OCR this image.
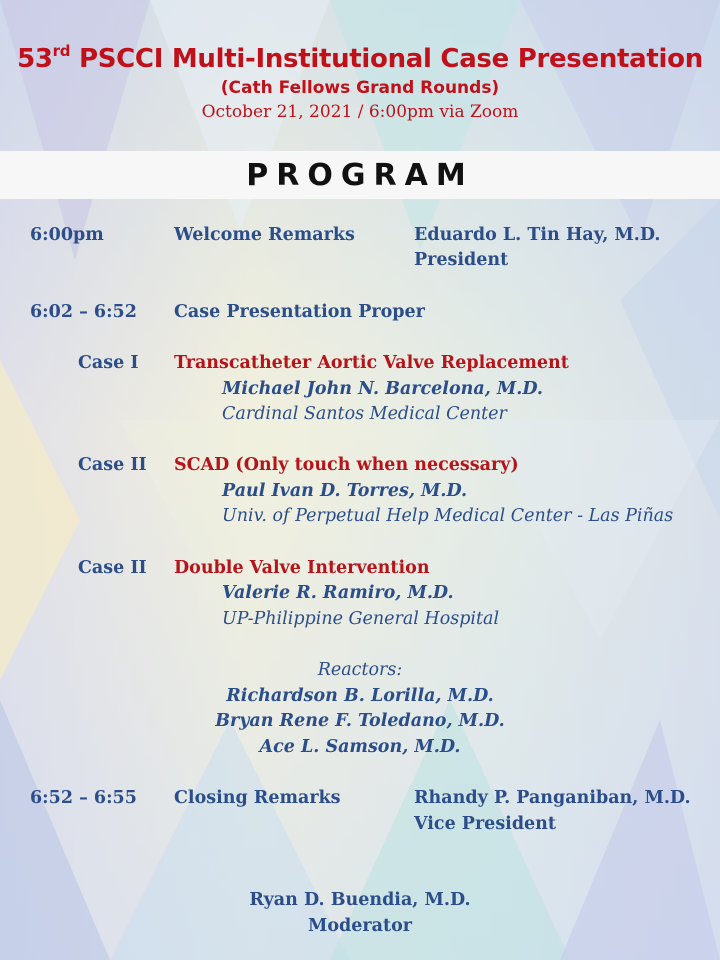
53rd PSCCI Multi-Institutional Case Presentation
(Cath Fellows Grand Rounds)
October 21, 2021 / 6:00pm via Zoom
PROGRAM
6:00pm	Welcome Remarks	Eduardo L. Tin Hay, M.D.
President
6:02 – 6:52 Case Presentation Proper
Case I Transcatheter Aortic Valve Replacement
Michael John N. Barcelona, M.D.
Cardinal Santos Medical Center
Case II SCAD (Only touch when necessary)
Paul Ivan D. Torres, M.D.
Univ. of Perpetual Help Medical Center - Las Piñas
Case II Double Valve Intervention
Valerie R. Ramiro, M.D.
UP-Philippine General Hospital
Reactors:
Richardson B. Lorilla, M.D.
Bryan Rene F. Toledano, M.D.
Ace L. Samson, M.D.
6:52 – 6:55 Closing Remarks	Rhandy P. Panganiban, M.D.
Vice President
Ryan D. Buendia, M.D.
Moderator
